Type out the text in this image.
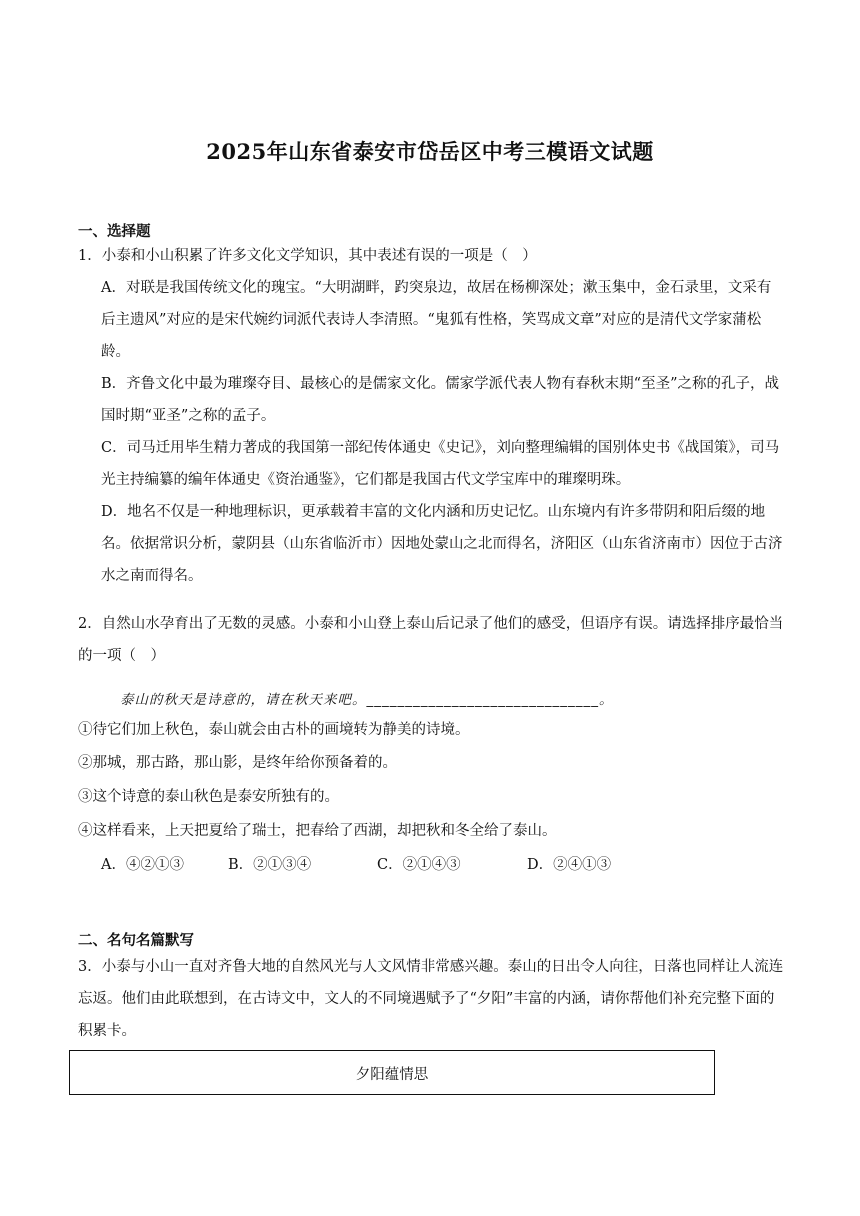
2025年山东省泰安市岱岳区中考三模语文试题
一、选择题

1．小泰和小山积累了许多文化文学知识，其中表述有误的一项是（　）

A．对联是我国传统文化的瑰宝。“大明湖畔，趵突泉边，故居在杨柳深处；漱玉集中，金石录里，文采有后主遗风”对应的是宋代婉约词派代表诗人李清照。“鬼狐有性格，笑骂成文章”对应的是清代文学家蒲松龄。

B．齐鲁文化中最为璀璨夺目、最核心的是儒家文化。儒家学派代表人物有春秋末期“至圣”之称的孔子，战国时期“亚圣”之称的孟子。

C．司马迁用毕生精力著成的我国第一部纪传体通史《史记》，刘向整理编辑的国别体史书《战国策》，司马光主持编纂的编年体通史《资治通鉴》，它们都是我国古代文学宝库中的璀璨明珠。

D．地名不仅是一种地理标识，更承载着丰富的文化内涵和历史记忆。山东境内有许多带阴和阳后缀的地名。依据常识分析，蒙阴县（山东省临沂市）因地处蒙山之北而得名，济阳区（山东省济南市）因位于古济水之南而得名。

2．自然山水孕育出了无数的灵感。小泰和小山登上泰山后记录了他们的感受，但语序有误。请选择排序最恰当的一项（　）

泰山的秋天是诗意的，请在秋天来吧。______________________________。

①待它们加上秋色，泰山就会由古朴的画境转为静美的诗境。

②那城，那古路，那山影，是终年给你预备着的。

③这个诗意的泰山秋色是泰安所独有的。

④这样看来，上天把夏给了瑞士，把春给了西湖，却把秋和冬全给了泰山。

A．④②①③	B．②①③④	C．②①④③	D．②④①③
二、名句名篇默写

3．小泰与小山一直对齐鲁大地的自然风光与人文风情非常感兴趣。泰山的日出令人向往，日落也同样让人流连忘返。他们由此联想到，在古诗文中，文人的不同境遇赋予了“夕阳”丰富的内涵，请你帮他们补充完整下面的积累卡。

夕阳蕴情思
